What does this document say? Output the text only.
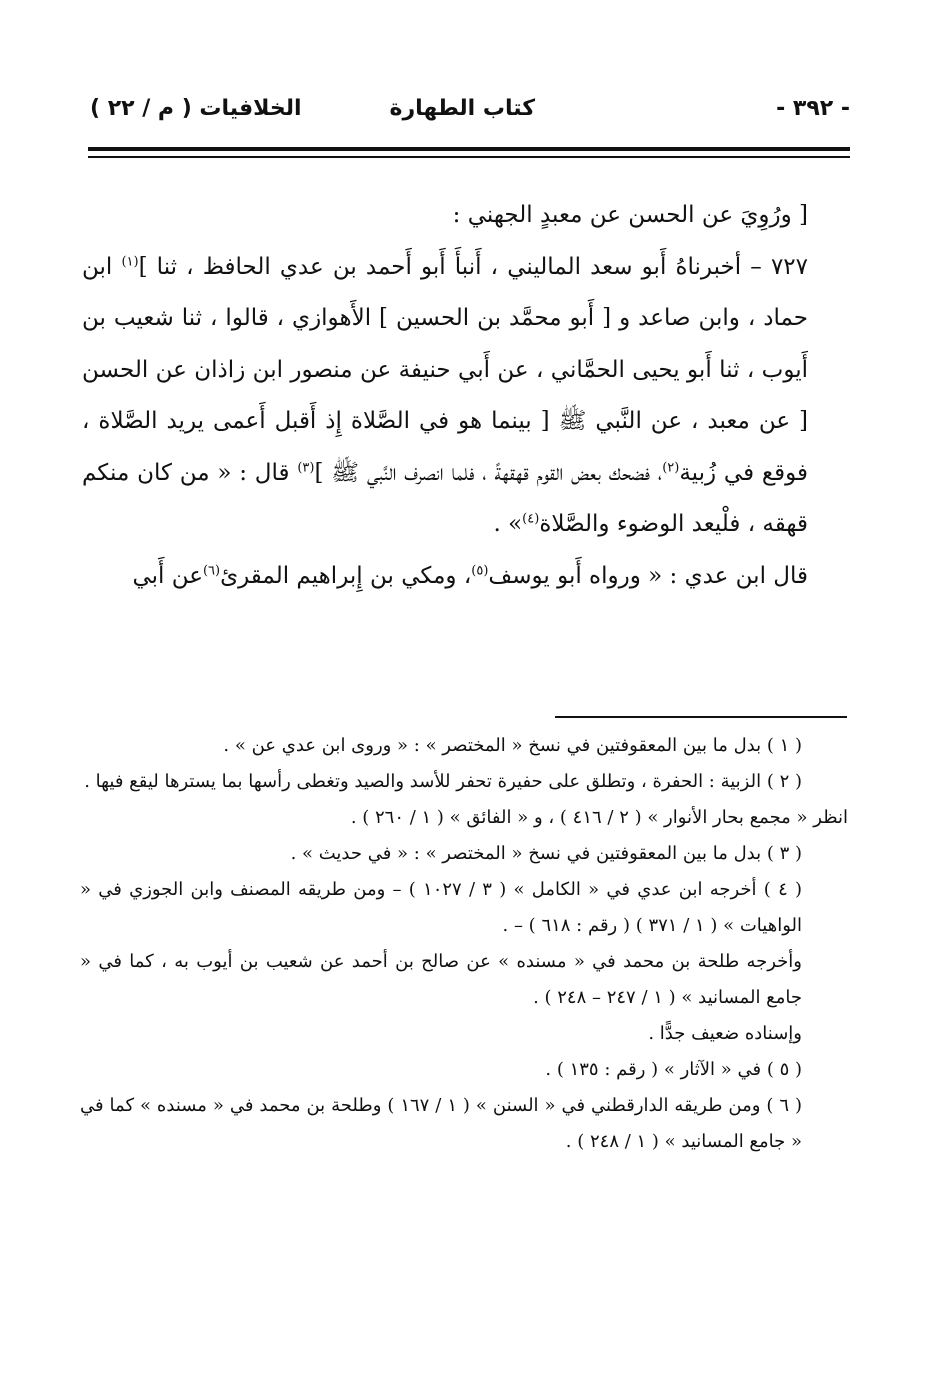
- ٣٩٢ -
كتاب الطهارة
الخلافيات ( م / ٢٢ )

[ ورُوِيَ عن الحسن عن معبدٍ الجهني :

٧٢٧ – أخبرناهُ أَبو سعد الماليني ، أَنبأَ أَبو أَحمد بن عدي الحافظ ، ثنا ]$^{(١)}$ ابن حماد ، وابن صاعد و [ أَبو محمَّد بن الحسين ] الأَهوازي ، قالوا ، ثنا شعيب بن أَيوب ، ثنا أَبو يحيى الحمَّاني ، عن أَبي حنيفة عن منصور ابن زاذان عن الحسن [ عن معبد ، عن النَّبي ﷺ [ بينما هو في الصَّلاة إِذ أَقبل أَعمى يريد الصَّلاة ، فوقع في زُبية$^{(٢)}$، فضحك بعض القوم قهقهةً ، فلما انصرف النَّبي ﷺ ]$^{(٣)}$ قال : « من كان منكم قهقه ، فلْيعد الوضوء والصَّلاة$^{(٤)}$» .

قال ابن عدي : « ورواه أَبو يوسف$^{(٥)}$، ومكي بن إِبراهيم المقرئ$^{(٦)}$عن أَبي

( ١ ) بدل ما بين المعقوفتين في نسخ « المختصر » : « وروى ابن عدي عن » .

( ٢ ) الزبية : الحفرة ، وتطلق على حفيرة تحفر للأسد والصيد وتغطى رأسها بما يسترها ليقع فيها .

انظر « مجمع بحار الأنوار » ( ٢ / ٤١٦ ) ، و « الفائق » ( ١ / ٢٦٠ ) .

( ٣ ) بدل ما بين المعقوفتين في نسخ « المختصر » : « في حديث » .

( ٤ ) أخرجه ابن عدي في « الكامل » ( ٣ / ١٠٢٧ ) – ومن طريقه المصنف وابن الجوزي في « الواهيات » ( ١ / ٣٧١ ) ( رقم : ٦١٨ ) – .

وأخرجه طلحة بن محمد في « مسنده » عن صالح بن أحمد عن شعيب بن أيوب به ، كما في « جامع المسانيد » ( ١ / ٢٤٧ – ٢٤٨ ) .

وإسناده ضعيف جدًّا .

( ٥ ) في « الآثار » ( رقم : ١٣٥ ) .

( ٦ ) ومن طريقه الدارقطني في « السنن » ( ١ / ١٦٧ ) وطلحة بن محمد في « مسنده » كما في « جامع المسانيد » ( ١ / ٢٤٨ ) .
